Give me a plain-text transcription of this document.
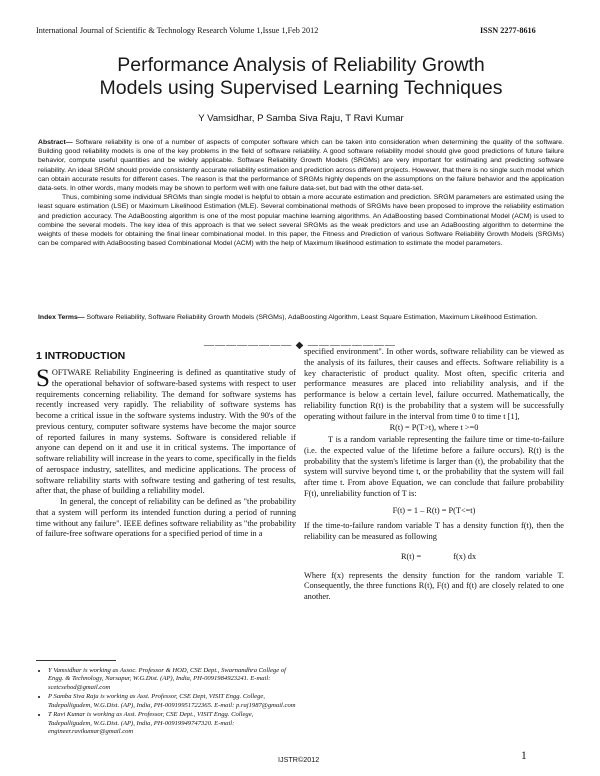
International Journal of Scientific & Technology Research Volume 1,Issue 1,Feb 2012	ISSN 2277-8616
Performance Analysis of Reliability Growth
Models using Supervised Learning Techniques
Y Vamsidhar, P Samba Siva Raju, T Ravi Kumar

Abstract— Software reliability is one of a number of aspects of computer software which can be taken into consideration when determining the quality of the software. Building good reliability models is one of the key problems in the field of software reliability. A good software reliability model should give good predictions of future failure behavior, compute useful quantities and be widely applicable. Software Reliability Growth Models (SRGMs) are very important for estimating and predicting software reliability. An ideal SRGM should provide consistently accurate reliability estimation and prediction across different projects. However, that there is no single such model which can obtain accurate results for different cases. The reason is that the performance of SRGMs highly depends on the assumptions on the failure behavior and the application data-sets. In other words, many models may be shown to perform well with one failure data-set, but bad with the other data-set.

Thus, combining some individual SRGMs than single model is helpful to obtain a more accurate estimation and prediction. SRGM parameters are estimated using the least square estimation (LSE) or Maximum Likelihood Estimation (MLE). Several combinational methods of SRGMs have been proposed to improve the reliability estimation and prediction accuracy. The AdaBoosting algorithm is one of the most popular machine learning algorithms. An AdaBoosting based Combinational Model (ACM) is used to combine the several models. The key idea of this approach is that we select several SRGMs as the weak predictors and use an AdaBoosting algorithm to determine the weights of these models for obtaining the final linear combinational model. In this paper, the Fitness and Prediction of various Software Reliability Growth Models (SRGMs) can be compared with AdaBoosting based Combinational Model (ACM) with the help of Maximum likelihood estimation to estimate the model parameters.

Index Terms— Software Reliability, Software Reliability Growth Models (SRGMs), AdaBoosting Algorithm, Least Square Estimation, Maximum Likelihood Estimation.
———————— ◆ ————————
1 INTRODUCTION

SOFTWARE Reliability Engineering is defined as quantitative study of the operational behavior of software-based systems with respect to user requirements concerning reliability. The demand for software systems has recently increased very rapidly. The reliability of software systems has become a critical issue in the software systems industry. With the 90's of the previous century, computer software systems have become the major source of reported failures in many systems. Software is considered reliable if anyone can depend on it and use it in critical systems. The importance of software reliability will increase in the years to come, specifically in the fields of aerospace industry, satellites, and medicine applications. The process of software reliability starts with software testing and gathering of test results, after that, the phase of building a reliability model.

In general, the concept of reliability can be defined as "the probability that a system will perform its intended function during a period of running time without any failure". IEEE defines software reliability as "the probability of failure-free software operations for a specified period of time in a

• Y Vamsidhar is working as Assoc. Professor & HOD, CSE Dept., Swarnandhra College of Engg. & Technology, Narsapur, W.G.Dist. (AP), India, PH-0091984923241. E-mail: scetcsehod@gmail.com
• P Samba Siva Raju is working as Asst. Professor, CSE Dept, VISIT Engg. College, Tadepalligudem, W.G.Dist. (AP), India, PH-00919951722365. E-mail: p.raj1987@gmail.com
• T Ravi Kumar is working as Asst. Professor, CSE Dept., VISIT Engg. College, Tadepalligudem, W.G.Dist. (AP), India, PH-00919949747320. E-mail: engineer.ravikumar@gmail.com

specified environment". In other words, software reliability can be viewed as the analysis of its failures, their causes and effects. Software reliability is a key characteristic of product quality. Most often, specific criteria and performance measures are placed into reliability analysis, and if the performance is below a certain level, failure occurred. Mathematically, the reliability function R(t) is the probability that a system will be successfully operating without failure in the interval from time 0 to time t [1],

R(t) = P(T>t), where t >=0

T is a random variable representing the failure time or time-to-failure (i.e. the expected value of the lifetime before a failure occurs). R(t) is the probability that the system's lifetime is larger than (t), the probability that the system will survive beyond time t, or the probability that the system will fail after time t. From above Equation, we can conclude that failure probability F(t), unreliability function of T is:

F(t) = 1 – R(t) = P(T<=t)

If the time-to-failure random variable T has a density function f(t), then the reliability can be measured as following

R(t) =	f(x) dx

Where f(x) represents the density function for the random variable T. Consequently, the three functions R(t), F(t) and f(t) are closely related to one another.

IJSTR©2012	1
